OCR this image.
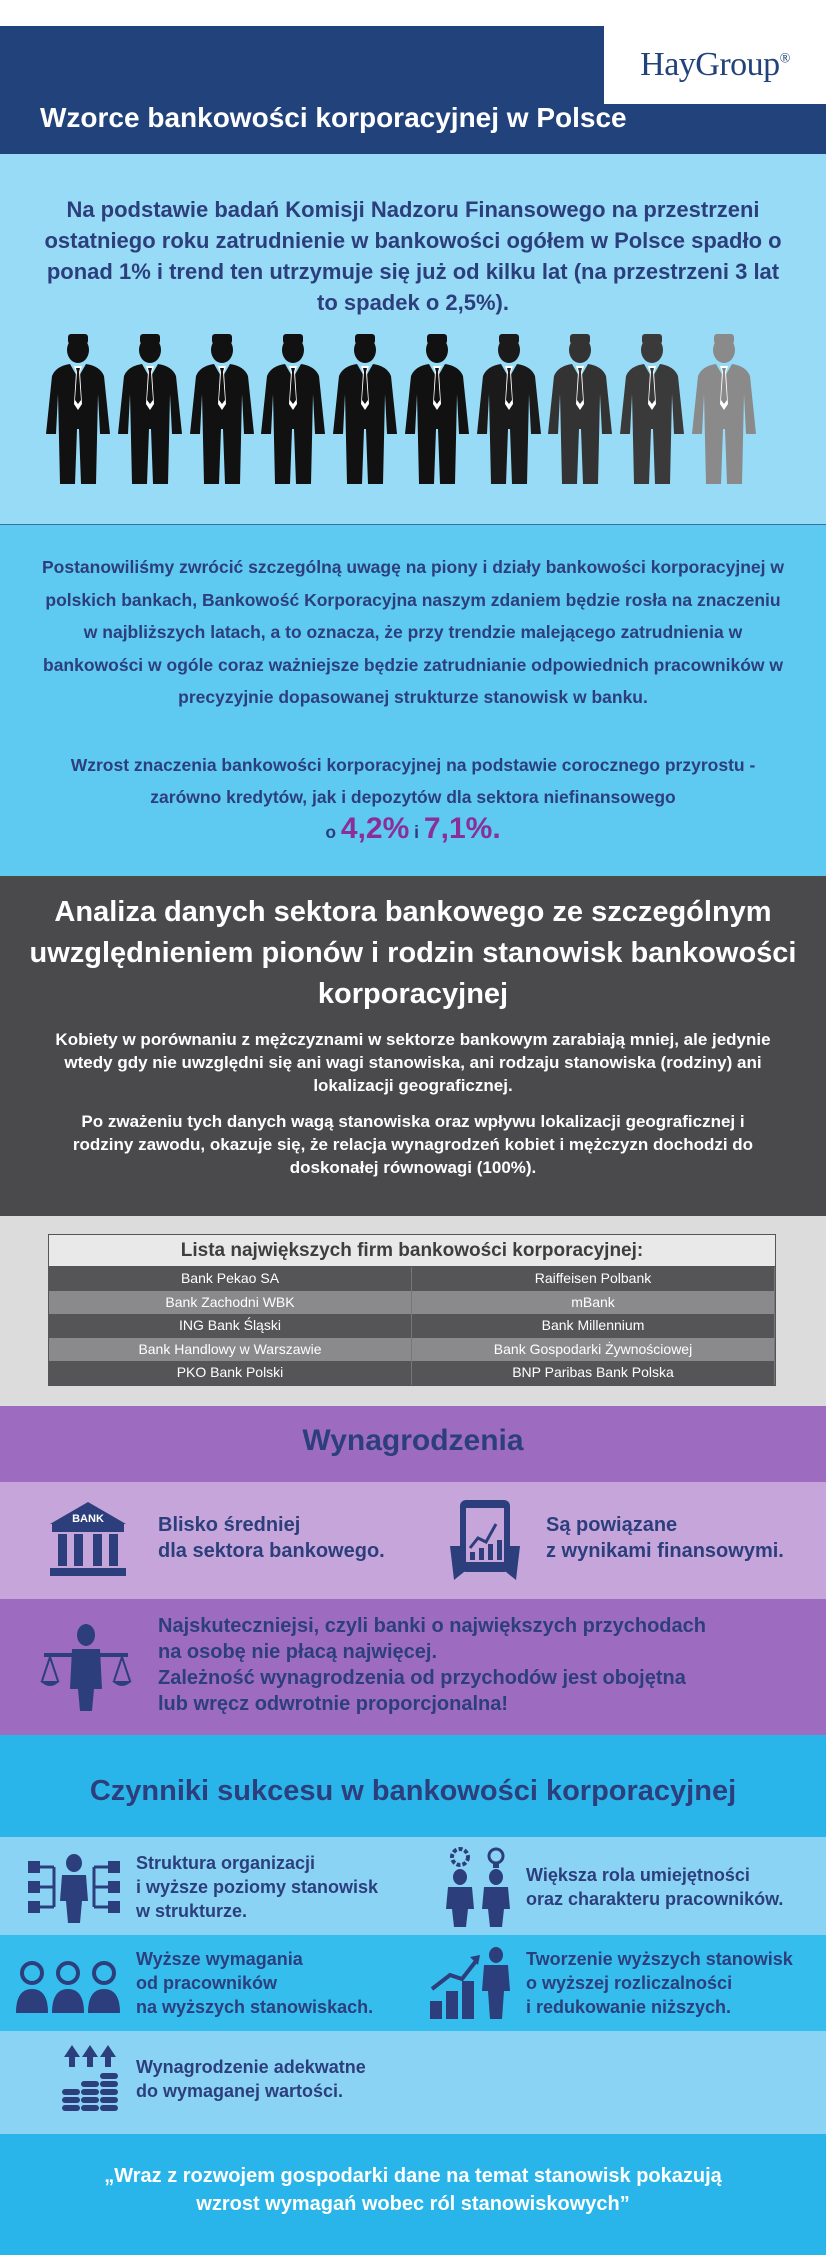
HayGroup®
Wzorce bankowości korporacyjnej w Polsce
Na podstawie badań Komisji Nadzoru Finansowego na przestrzeni ostatniego roku zatrudnienie w bankowości ogółem w Polsce spadło o ponad 1% i trend ten utrzymuje się już od kilku lat (na przestrzeni 3 lat to spadek o 2,5%).
Postanowiliśmy zwrócić szczególną uwagę na piony i działy bankowości korporacyjnej w polskich bankach, Bankowość Korporacyjna naszym zdaniem będzie rosła na znaczeniu w najbliższych latach, a to oznacza, że przy trendzie malejącego zatrudnienia w bankowości w ogóle coraz ważniejsze będzie zatrudnianie odpowiednich pracowników w precyzyjnie dopasowanej strukturze stanowisk w banku.
Wzrost znaczenia bankowości korporacyjnej na podstawie corocznego przyrostu - zarówno kredytów, jak i depozytów dla sektora niefinansowego
o 4,2% i 7,1%.
Analiza danych sektora bankowego ze szczególnym uwzględnieniem pionów i rodzin stanowisk bankowości korporacyjnej
Kobiety w porównaniu z mężczyznami w sektorze bankowym zarabiają mniej, ale jedynie wtedy gdy nie uwzględni się ani wagi stanowiska, ani rodzaju stanowiska (rodziny) ani lokalizacji geograficznej.
Po zważeniu tych danych wagą stanowiska oraz wpływu lokalizacji geograficznej i rodziny zawodu, okazuje się, że relacja wynagrodzeń kobiet i mężczyzn dochodzi do doskonałej równowagi (100%).
Lista największych firm bankowości korporacyjnej:
Bank Pekao SA	Raiffeisen Polbank
Bank Zachodni WBK	mBank
ING Bank Śląski	Bank Millennium
Bank Handlowy w Warszawie	Bank Gospodarki Żywnościowej
PKO Bank Polski	BNP Paribas Bank Polska
Wynagrodzenia
BANK	Blisko średniej
dla sektora bankowego.
Są powiązane
z wynikami finansowymi.
Najskuteczniejsi, czyli banki o największych przychodach
na osobę nie płacą najwięcej.
Zależność wynagrodzenia od przychodów jest obojętna
lub wręcz odwrotnie proporcjonalna!
Czynniki sukcesu w bankowości korporacyjnej
Struktura organizacji
i wyższe poziomy stanowisk
w strukturze.
Większa rola umiejętności
oraz charakteru pracowników.
Wyższe wymagania
od pracowników
na wyższych stanowiskach.
Tworzenie wyższych stanowisk
o wyższej rozliczalności
i redukowanie niższych.
Wynagrodzenie adekwatne
do wymaganej wartości.
„Wraz z rozwojem gospodarki dane na temat stanowisk pokazują
wzrost wymagań wobec ról stanowiskowych”
